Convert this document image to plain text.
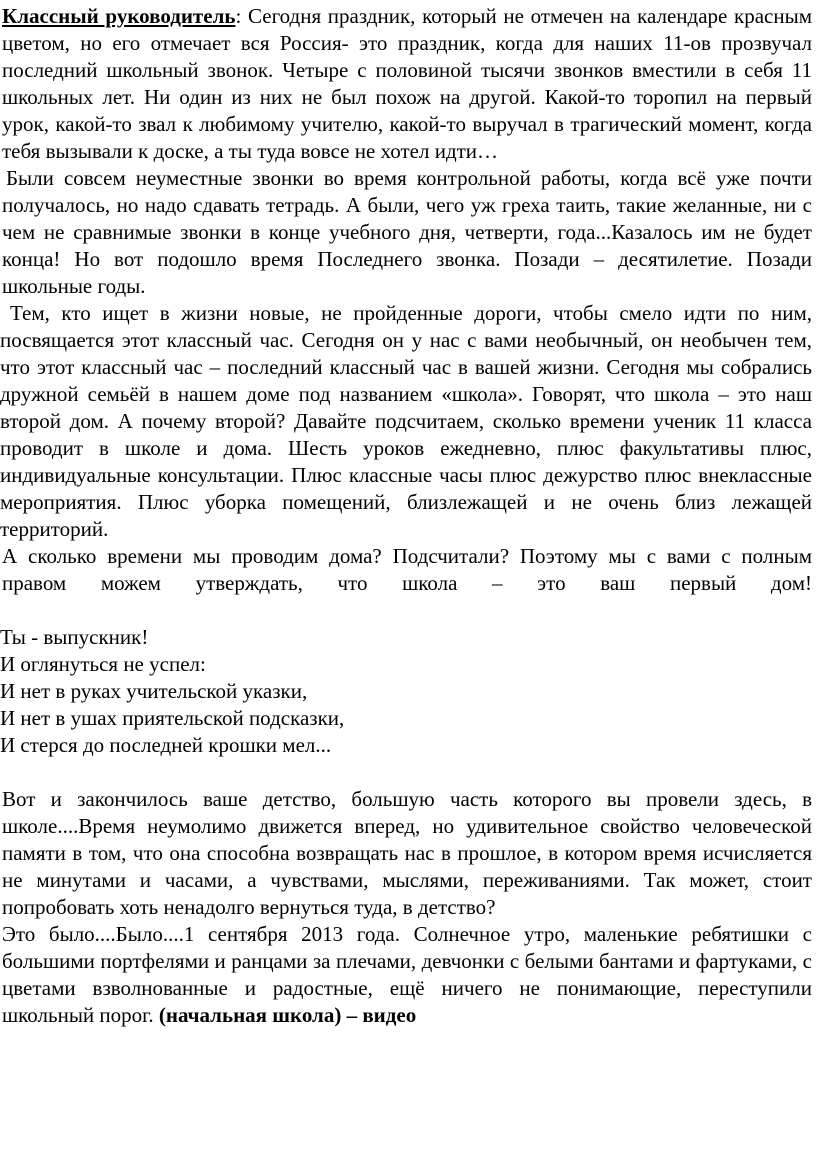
Классный руководитель: Сегодня праздник, который не отмечен на календаре красным цветом, но его отмечает вся Россия- это праздник, когда для наших 11-ов прозвучал последний школьный звонок. Четыре с половиной тысячи звонков вместили в себя 11 школьных лет. Ни один из них не был похож на другой. Какой-то торопил на первый урок, какой-то звал к любимому учителю, какой-то выручал в трагический момент, когда тебя вызывали к доске, а ты туда вовсе не хотел идти…

Были совсем неуместные звонки во время контрольной работы, когда всё уже почти получалось, но надо сдавать тетрадь. А были, чего уж греха таить, такие желанные, ни с чем не сравнимые звонки в конце учебного дня, четверти, года...Казалось им не будет конца! Но вот подошло время Последнего звонка. Позади – десятилетие. Позади школьные годы.

Тем, кто ищет в жизни новые, не пройденные дороги, чтобы смело идти по ним, посвящается этот классный час. Сегодня он у нас с вами необычный, он необычен тем, что этот классный час – последний классный час в вашей жизни. Сегодня мы собрались дружной семьёй в нашем доме под названием «школа». Говорят, что школа – это наш второй дом. А почему второй? Давайте подсчитаем, сколько времени ученик 11 класса проводит в школе и дома. Шесть уроков ежедневно, плюс факультативы плюс, индивидуальные консультации. Плюс классные часы плюс дежурство плюс внеклассные мероприятия. Плюс уборка помещений, близлежащей и не очень близ лежащей территорий.

А сколько времени мы проводим дома? Подсчитали? Поэтому мы с вами с полным правом можем утверждать, что школа – это ваш первый дом!

Ты - выпускник!

И оглянуться не успел:

И нет в руках учительской указки,

И нет в ушах приятельской подсказки,

И стерся до последней крошки мел...

Вот и закончилось ваше детство, большую часть которого вы провели здесь, в школе....Время неумолимо движется вперед, но удивительное свойство человеческой памяти в том, что она способна возвращать нас в прошлое, в котором время исчисляется не минутами и часами, а чувствами, мыслями, переживаниями. Так может, стоит попробовать хоть ненадолго вернуться туда, в детство?

Это было....Было....1 сентября 2013 года. Солнечное утро, маленькие ребятишки с большими портфелями и ранцами за плечами, девчонки с белыми бантами и фартуками, с цветами взволнованные и радостные, ещё ничего не понимающие, переступили школьный порог. (начальная школа) – видео
